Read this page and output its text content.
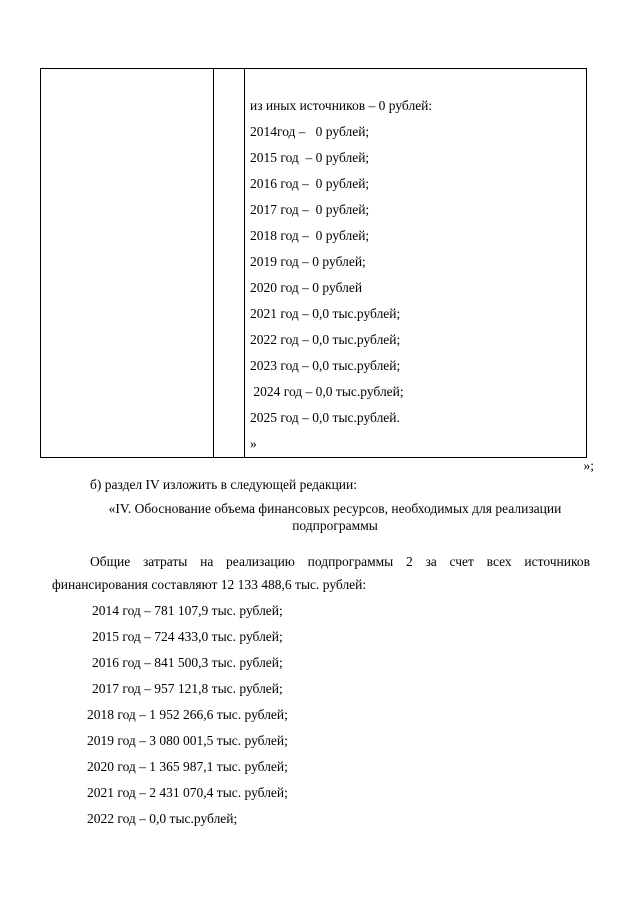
из иных источников – 0 рублей:
2014год –   0 рублей;
2015 год  – 0 рублей;
2016 год –  0 рублей;
2017 год –  0 рублей;
2018 год –  0 рублей;
2019 год – 0 рублей;
2020 год – 0 рублей
2021 год – 0,0 тыс.рублей;
2022 год – 0,0 тыс.рублей;
2023 год – 0,0 тыс.рублей;
2024 год – 0,0 тыс.рублей;
2025 год – 0,0 тыс.рублей.
»
»;
б) раздел IV изложить в следующей редакции:
«IV. Обоснование объема финансовых ресурсов, необходимых для реализации подпрограммы
Общие затраты на реализацию подпрограммы 2 за счет всех источников финансирования составляют 12 133 488,6 тыс. рублей:
2014 год – 781 107,9 тыс. рублей;
2015 год – 724 433,0 тыс. рублей;
2016 год – 841 500,3 тыс. рублей;
2017 год – 957 121,8 тыс. рублей;
2018 год – 1 952 266,6 тыс. рублей;
2019 год – 3 080 001,5 тыс. рублей;
2020 год – 1 365 987,1 тыс. рублей;
2021 год – 2 431 070,4 тыс. рублей;
2022 год – 0,0 тыс.рублей;
